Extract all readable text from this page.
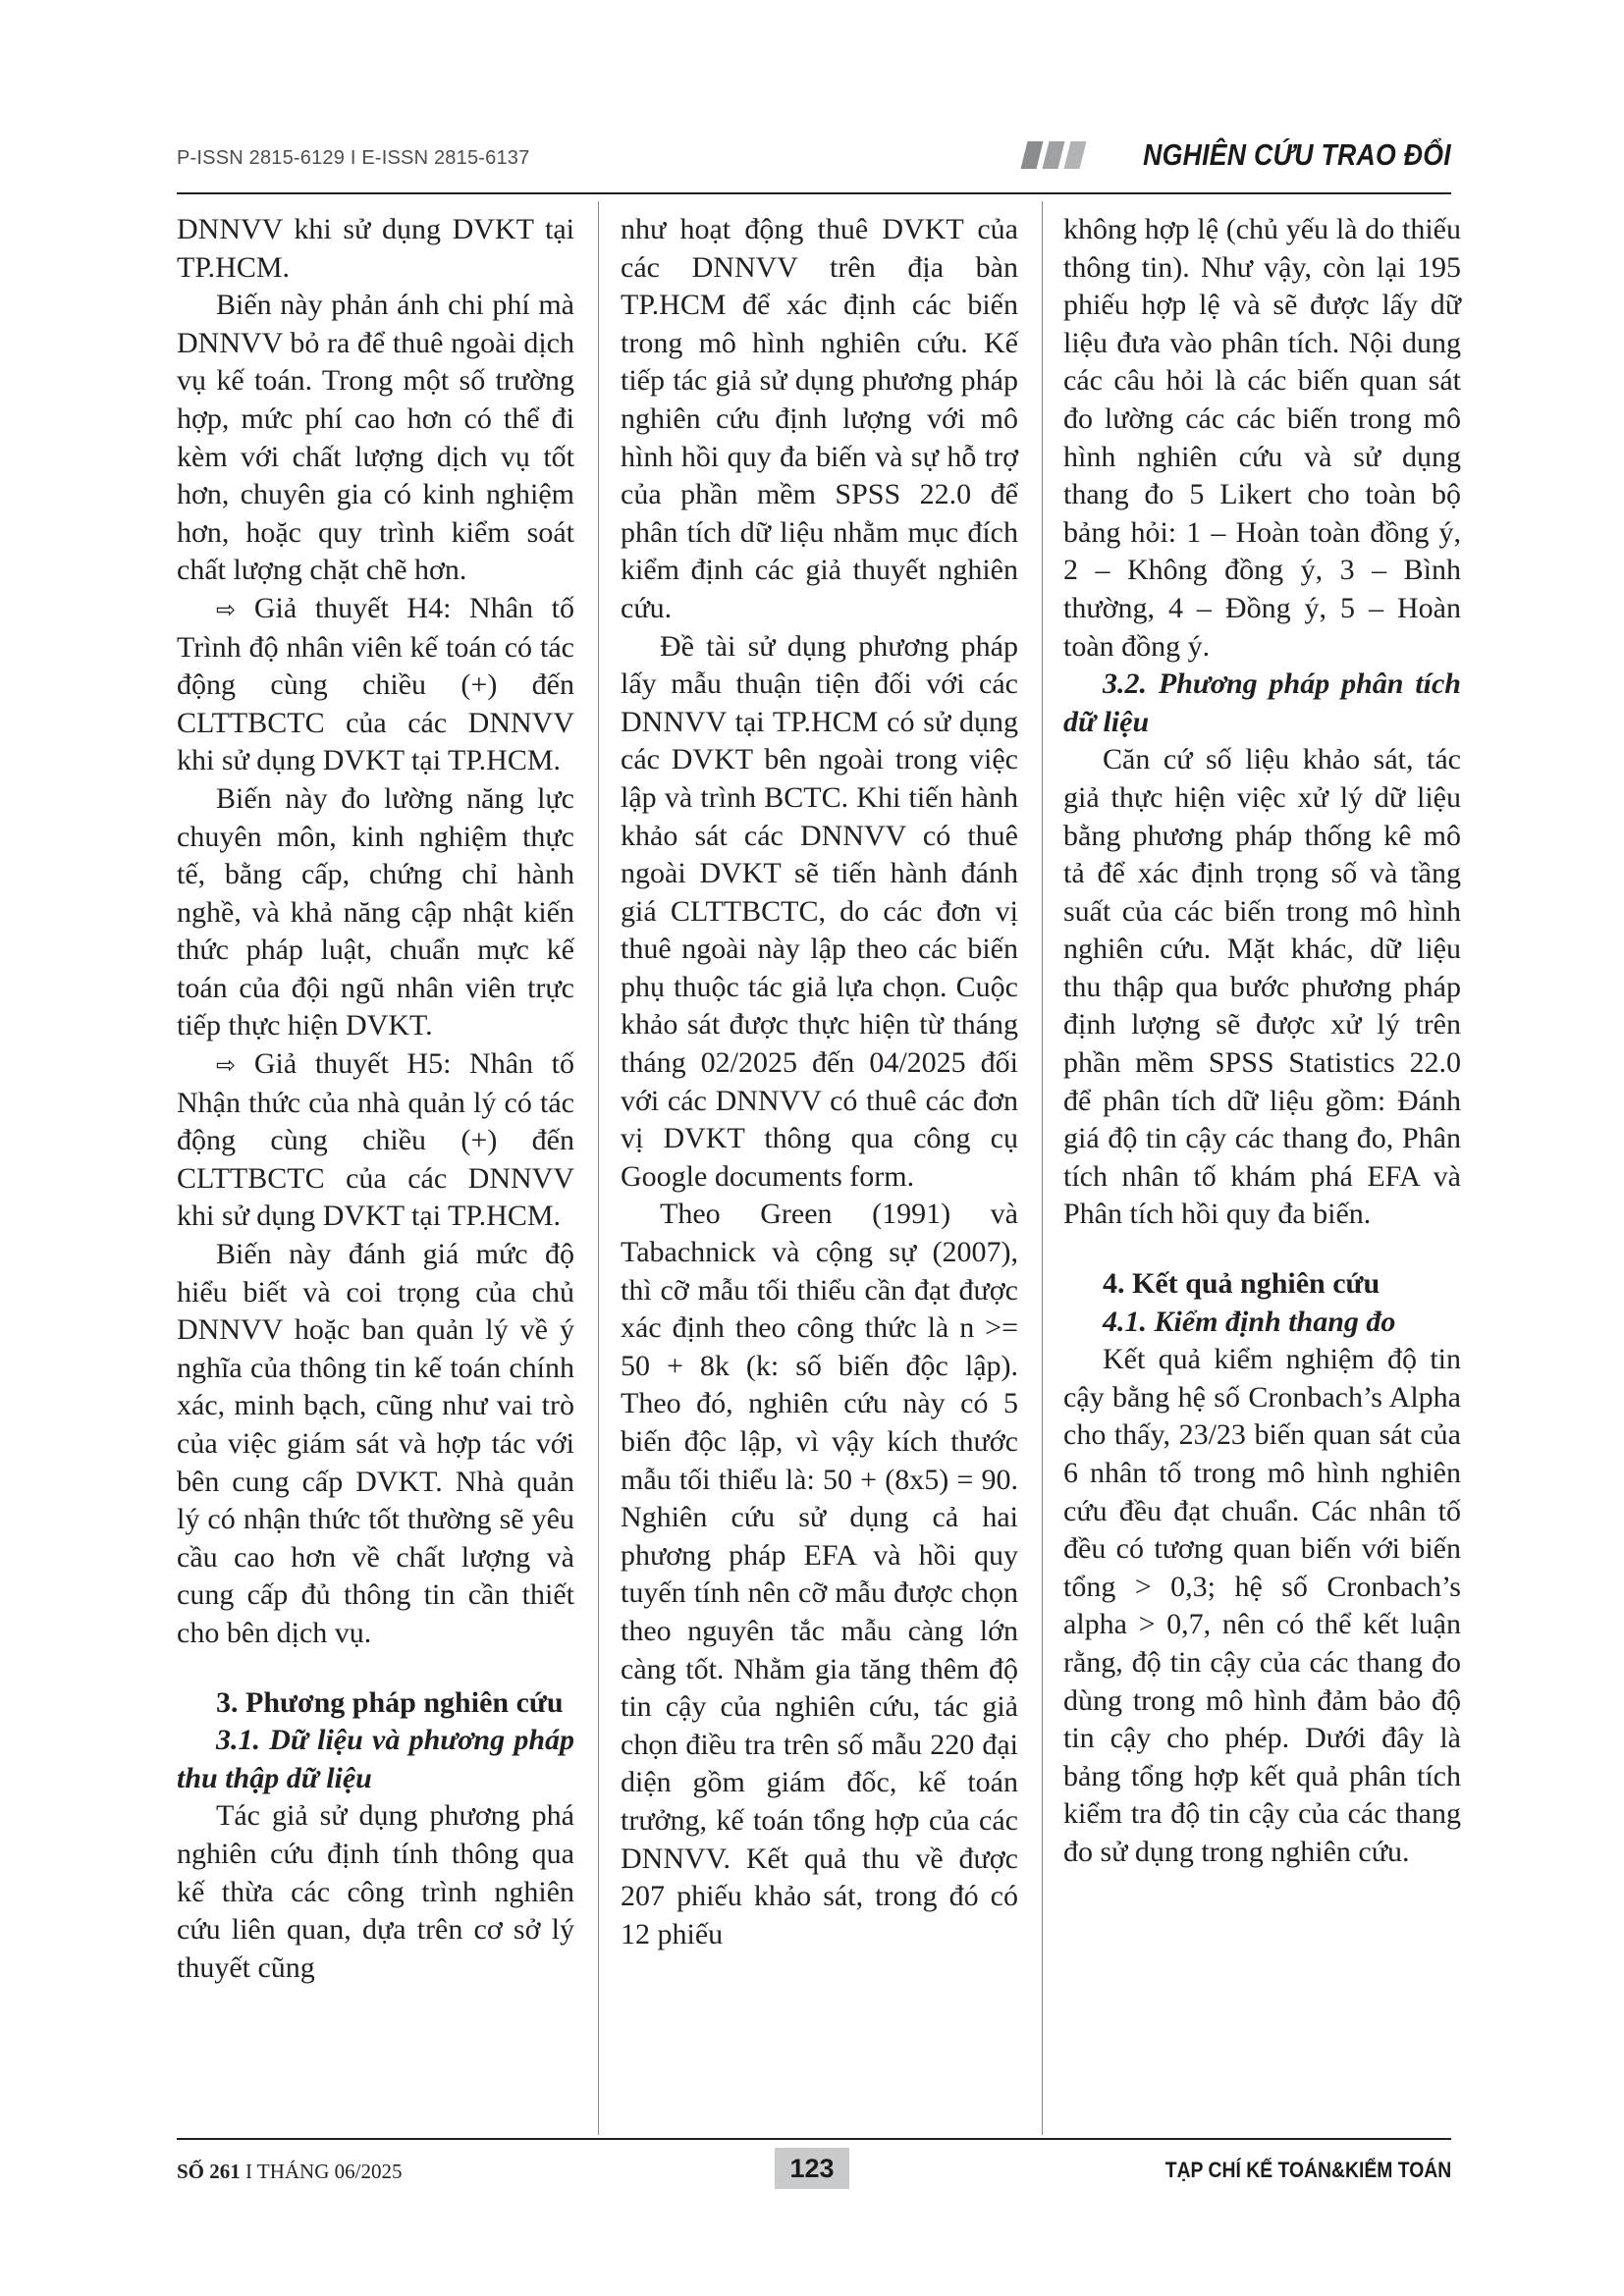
P-ISSN 2815-6129 I E-ISSN 2815-6137	NGHIÊN CỨU TRAO ĐỔI

DNNVV khi sử dụng DVKT tại TP.HCM.

Biến này phản ánh chi phí mà DNNVV bỏ ra để thuê ngoài dịch vụ kế toán. Trong một số trường hợp, mức phí cao hơn có thể đi kèm với chất lượng dịch vụ tốt hơn, chuyên gia có kinh nghiệm hơn, hoặc quy trình kiểm soát chất lượng chặt chẽ hơn.

⇨ Giả thuyết H4: Nhân tố Trình độ nhân viên kế toán có tác động cùng chiều (+) đến CLTTBCTC của các DNNVV khi sử dụng DVKT tại TP.HCM.

Biến này đo lường năng lực chuyên môn, kinh nghiệm thực tế, bằng cấp, chứng chỉ hành nghề, và khả năng cập nhật kiến thức pháp luật, chuẩn mực kế toán của đội ngũ nhân viên trực tiếp thực hiện DVKT.

⇨ Giả thuyết H5: Nhân tố Nhận thức của nhà quản lý có tác động cùng chiều (+) đến CLTTBCTC của các DNNVV khi sử dụng DVKT tại TP.HCM.

Biến này đánh giá mức độ hiểu biết và coi trọng của chủ DNNVV hoặc ban quản lý về ý nghĩa của thông tin kế toán chính xác, minh bạch, cũng như vai trò của việc giám sát và hợp tác với bên cung cấp DVKT. Nhà quản lý có nhận thức tốt thường sẽ yêu cầu cao hơn về chất lượng và cung cấp đủ thông tin cần thiết cho bên dịch vụ.

3. Phương pháp nghiên cứu

3.1. Dữ liệu và phương pháp thu thập dữ liệu

Tác giả sử dụng phương phá nghiên cứu định tính thông qua kế thừa các công trình nghiên cứu liên quan, dựa trên cơ sở lý thuyết cũng

như hoạt động thuê DVKT của các DNNVV trên địa bàn TP.HCM để xác định các biến trong mô hình nghiên cứu. Kế tiếp tác giả sử dụng phương pháp nghiên cứu định lượng với mô hình hồi quy đa biến và sự hỗ trợ của phần mềm SPSS 22.0 để phân tích dữ liệu nhằm mục đích kiểm định các giả thuyết nghiên cứu.

Đề tài sử dụng phương pháp lấy mẫu thuận tiện đối với các DNNVV tại TP.HCM có sử dụng các DVKT bên ngoài trong việc lập và trình BCTC. Khi tiến hành khảo sát các DNNVV có thuê ngoài DVKT sẽ tiến hành đánh giá CLTTBCTC, do các đơn vị thuê ngoài này lập theo các biến phụ thuộc tác giả lựa chọn. Cuộc khảo sát được thực hiện từ tháng tháng 02/2025 đến 04/2025 đối với các DNNVV có thuê các đơn vị DVKT thông qua công cụ Google documents form.

Theo Green (1991) và Tabachnick và cộng sự (2007), thì cỡ mẫu tối thiểu cần đạt được xác định theo công thức là n >= 50 + 8k (k: số biến độc lập). Theo đó, nghiên cứu này có 5 biến độc lập, vì vậy kích thước mẫu tối thiểu là: 50 + (8x5) = 90. Nghiên cứu sử dụng cả hai phương pháp EFA và hồi quy tuyến tính nên cỡ mẫu được chọn theo nguyên tắc mẫu càng lớn càng tốt. Nhằm gia tăng thêm độ tin cậy của nghiên cứu, tác giả chọn điều tra trên số mẫu 220 đại diện gồm giám đốc, kế toán trưởng, kế toán tổng hợp của các DNNVV. Kết quả thu về được 207 phiếu khảo sát, trong đó có 12 phiếu

không hợp lệ (chủ yếu là do thiếu thông tin). Như vậy, còn lại 195 phiếu hợp lệ và sẽ được lấy dữ liệu đưa vào phân tích. Nội dung các câu hỏi là các biến quan sát đo lường các các biến trong mô hình nghiên cứu và sử dụng thang đo 5 Likert cho toàn bộ bảng hỏi: 1 – Hoàn toàn đồng ý, 2 – Không đồng ý, 3 – Bình thường, 4 – Đồng ý, 5 – Hoàn toàn đồng ý.

3.2. Phương pháp phân tích dữ liệu

Căn cứ số liệu khảo sát, tác giả thực hiện việc xử lý dữ liệu bằng phương pháp thống kê mô tả để xác định trọng số và tầng suất của các biến trong mô hình nghiên cứu. Mặt khác, dữ liệu thu thập qua bước phương pháp định lượng sẽ được xử lý trên phần mềm SPSS Statistics 22.0 để phân tích dữ liệu gồm: Đánh giá độ tin cậy các thang đo, Phân tích nhân tố khám phá EFA và Phân tích hồi quy đa biến.

4. Kết quả nghiên cứu

4.1. Kiểm định thang đo

Kết quả kiểm nghiệm độ tin cậy bằng hệ số Cronbach’s Alpha cho thấy, 23/23 biến quan sát của 6 nhân tố trong mô hình nghiên cứu đều đạt chuẩn. Các nhân tố đều có tương quan biến với biến tổng > 0,3; hệ số Cronbach’s alpha > 0,7, nên có thể kết luận rằng, độ tin cậy của các thang đo dùng trong mô hình đảm bảo độ tin cậy cho phép. Dưới đây là bảng tổng hợp kết quả phân tích kiểm tra độ tin cậy của các thang đo sử dụng trong nghiên cứu.

SỐ 261 I THÁNG 06/2025	123	TẠP CHÍ KẾ TOÁN&KIỂM TOÁN
